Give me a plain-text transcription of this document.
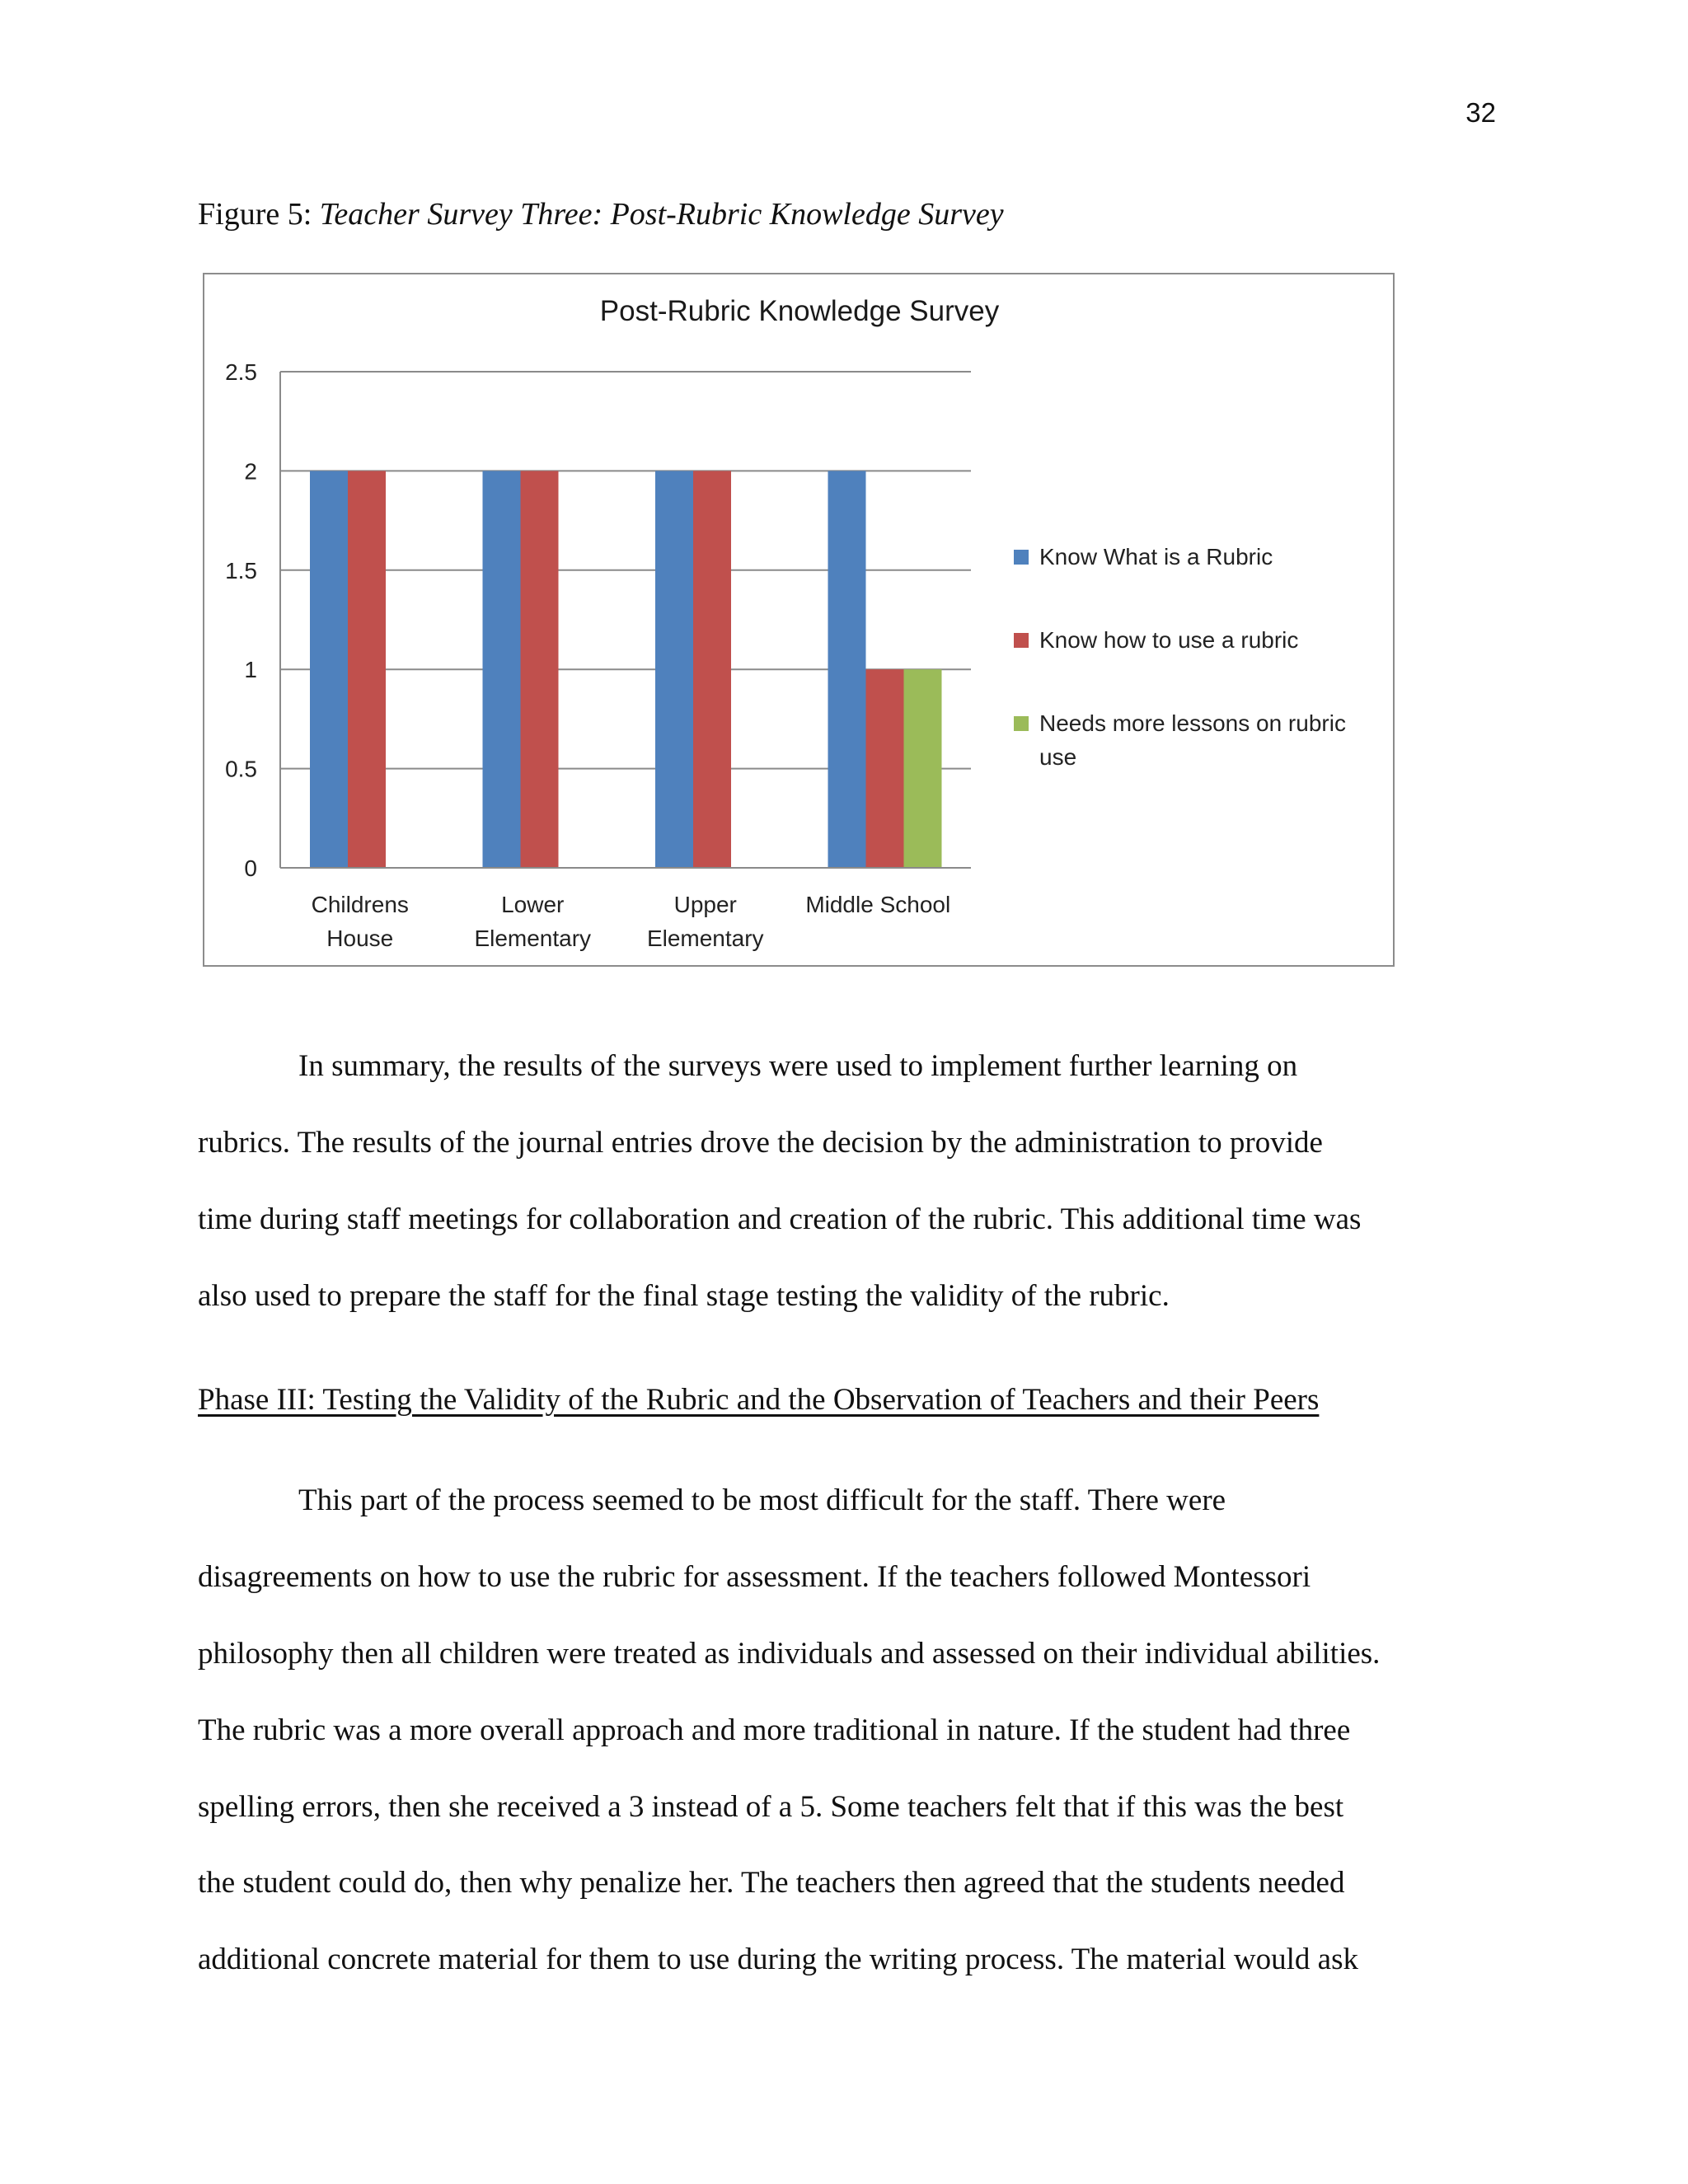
32
Figure 5: Teacher Survey Three: Post-Rubric Knowledge Survey
0
0.5
1
1.5
2
2.5
Childrens
House
Lower
Elementary
Upper
Elementary
Middle School
Know What is a Rubric
Know how to use a rubric
Needs more lessons on rubric
use
Post-Rubric Knowledge Survey
In summary, the results of the surveys were used to implement further learning on
rubrics. The results of the journal entries drove the decision by the administration to provide
time during staff meetings for collaboration and creation of the rubric. This additional time was
also used to prepare the staff for the final stage testing the validity of the rubric.
Phase III: Testing the Validity of the Rubric and the Observation of Teachers and their Peers
This part of the process seemed to be most difficult for the staff. There were
disagreements on how to use the rubric for assessment. If the teachers followed Montessori
philosophy then all children were treated as individuals and assessed on their individual abilities.
The rubric was a more overall approach and more traditional in nature. If the student had three
spelling errors, then she received a 3 instead of a 5. Some teachers felt that if this was the best
the student could do, then why penalize her. The teachers then agreed that the students needed
additional concrete material for them to use during the writing process. The material would ask
